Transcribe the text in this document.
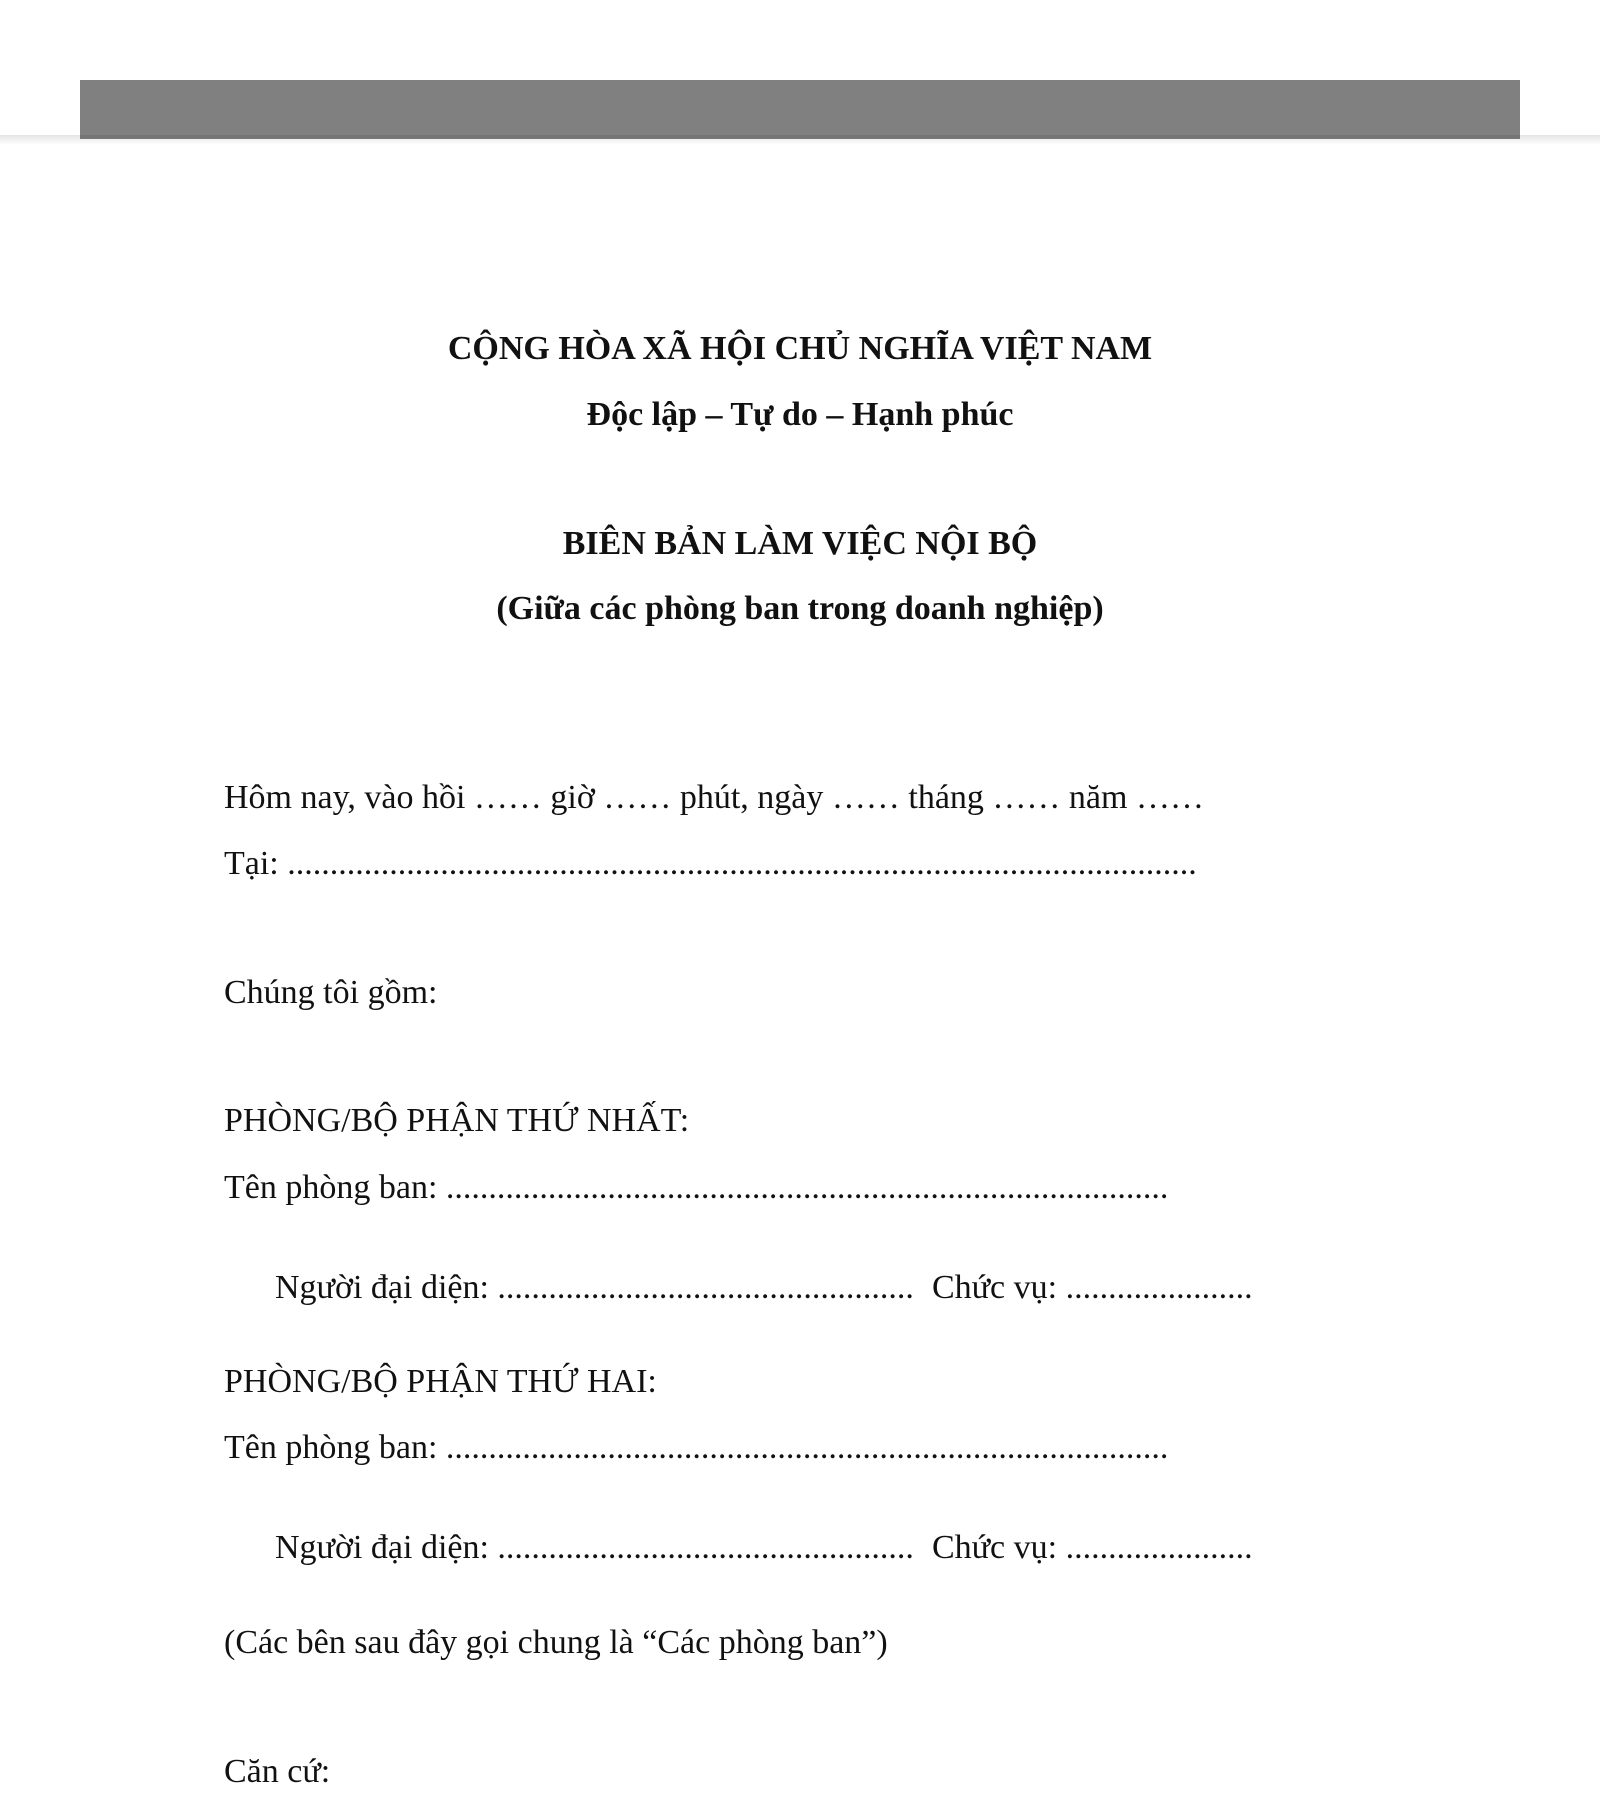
CỘNG HÒA XÃ HỘI CHỦ NGHĨA VIỆT NAM
Độc lập – Tự do – Hạnh phúc
BIÊN BẢN LÀM VIỆC NỘI BỘ
(Giữa các phòng ban trong doanh nghiệp)
Hôm nay, vào hồi …… giờ …… phút, ngày …… tháng …… năm ……
Tại: ...........................................................................................................
Chúng tôi gồm:
PHÒNG/BỘ PHẬN THỨ NHẤT:
Tên phòng ban: .....................................................................................

Người đại diện: ................................................. Chức vụ: ......................

PHÒNG/BỘ PHẬN THỨ HAI:
Tên phòng ban: .....................................................................................

Người đại diện: ................................................. Chức vụ: ......................

(Các bên sau đây gọi chung là “Các phòng ban”)
Căn cứ:
